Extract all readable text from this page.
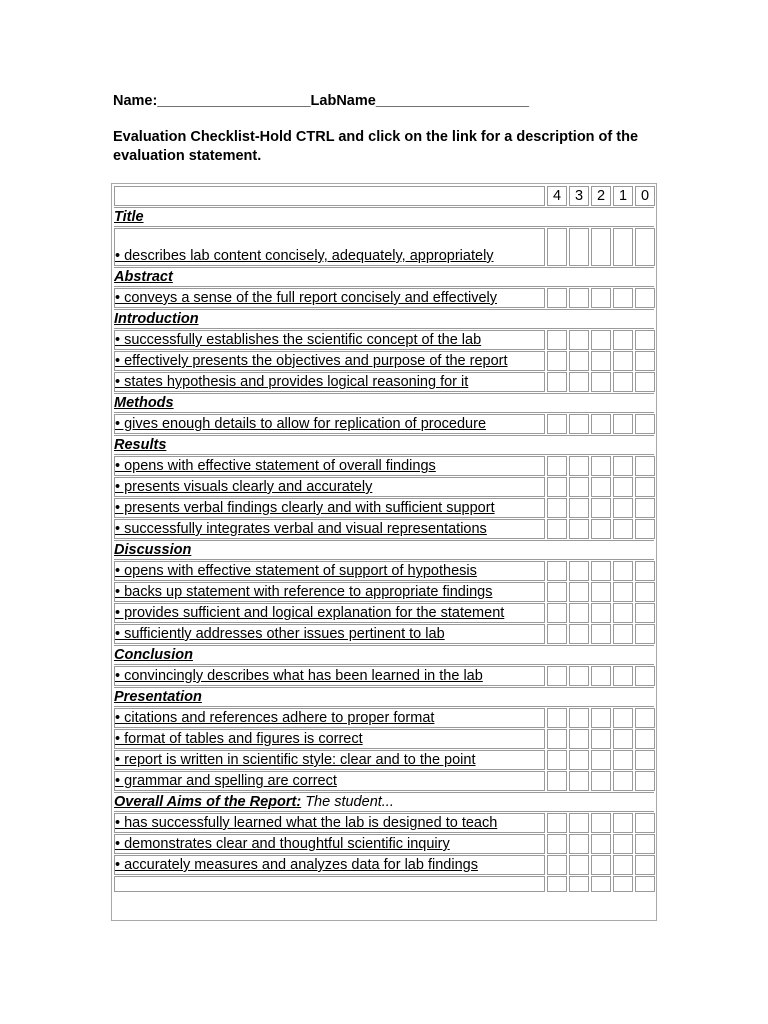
Name:___________________LabName___________________
Evaluation Checklist-Hold CTRL and click on the link for a description of the evaluation statement.
4 3 2 1 0
Title
• describes lab content concisely, adequately, appropriately
Abstract
• conveys a sense of the full report concisely and effectively
Introduction
• successfully establishes the scientific concept of the lab
• effectively presents the objectives and purpose of the report
• states hypothesis and provides logical reasoning for it
Methods
• gives enough details to allow for replication of procedure
Results
• opens with effective statement of overall findings
• presents visuals clearly and accurately
• presents verbal findings clearly and with sufficient support
• successfully integrates verbal and visual representations
Discussion
• opens with effective statement of support of hypothesis
• backs up statement with reference to appropriate findings
• provides sufficient and logical explanation for the statement
• sufficiently addresses other issues pertinent to lab
Conclusion
• convincingly describes what has been learned in the lab
Presentation
• citations and references adhere to proper format
• format of tables and figures is correct
• report is written in scientific style: clear and to the point
• grammar and spelling are correct
Overall Aims of the Report: The student...
• has successfully learned what the lab is designed to teach
• demonstrates clear and thoughtful scientific inquiry
• accurately measures and analyzes data for lab findings
